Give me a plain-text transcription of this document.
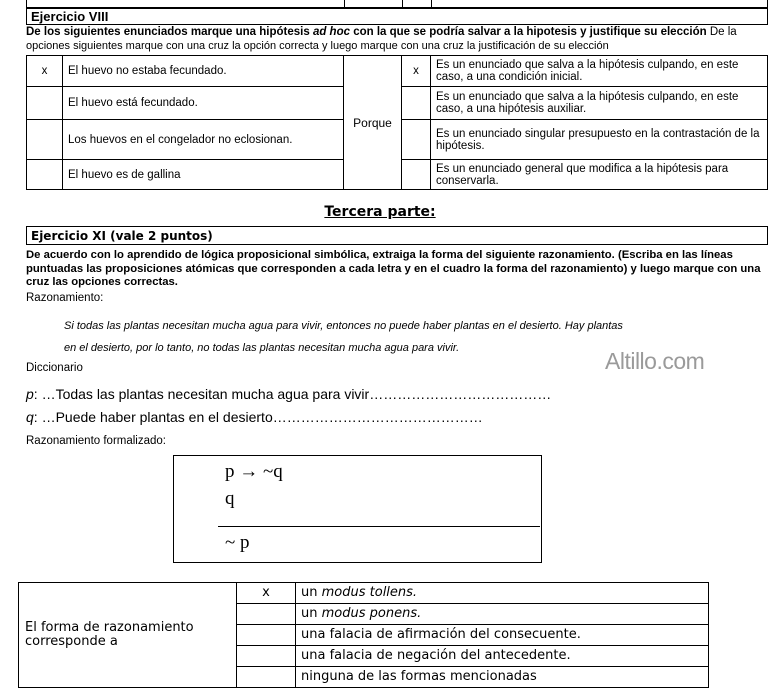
Ejercicio VIII
De los siguientes enunciados marque una hipótesis ad hoc con la que se podría salvar a la hipotesis y justifique su elección De la
opciones siguientes marque con una cruz la opción correcta y luego marque con una cruz la justificación de su elección
x	El huevo no estaba fecundado.	Porque	x	Es un enunciado que salva a la hipótesis culpando, en este caso, a una condición inicial.
	El huevo está fecundado.			Es un enunciado que salva a la hipótesis culpando, en este caso, a una hipótesis auxiliar.
	Los huevos en el congelador no eclosionan.			Es un enunciado singular presupuesto en la contrastación de la hipótesis.
	El huevo es de gallina			Es un enunciado general que modifica a la hipótesis para conservarla.
Tercera parte:
Ejercicio XI (vale 2 puntos)
De acuerdo con lo aprendido de lógica proposicional simbólica, extraiga la forma del siguiente razonamiento. (Escriba en las líneas puntuadas las proposiciones atómicas que corresponden a cada letra y en el cuadro la forma del razonamiento) y luego marque con una cruz las opciones correctas.
Razonamiento:
Si todas las plantas necesitan mucha agua para vivir, entonces no puede haber plantas en el desierto. Hay plantas
en el desierto, por lo tanto, no todas las plantas necesitan mucha agua para vivir.	Altillo.com
Diccionario
p: …Todas las plantas necesitan mucha agua para vivir…………………………………
q: …Puede haber plantas en el desierto………………………………………
Razonamiento formalizado:
p → ~q
q
~ p
El forma de razonamiento corresponde a	x	un modus tollens.
		un modus ponens.
		una falacia de afirmación del consecuente.
		una falacia de negación del antecedente.
		ninguna de las formas mencionadas
